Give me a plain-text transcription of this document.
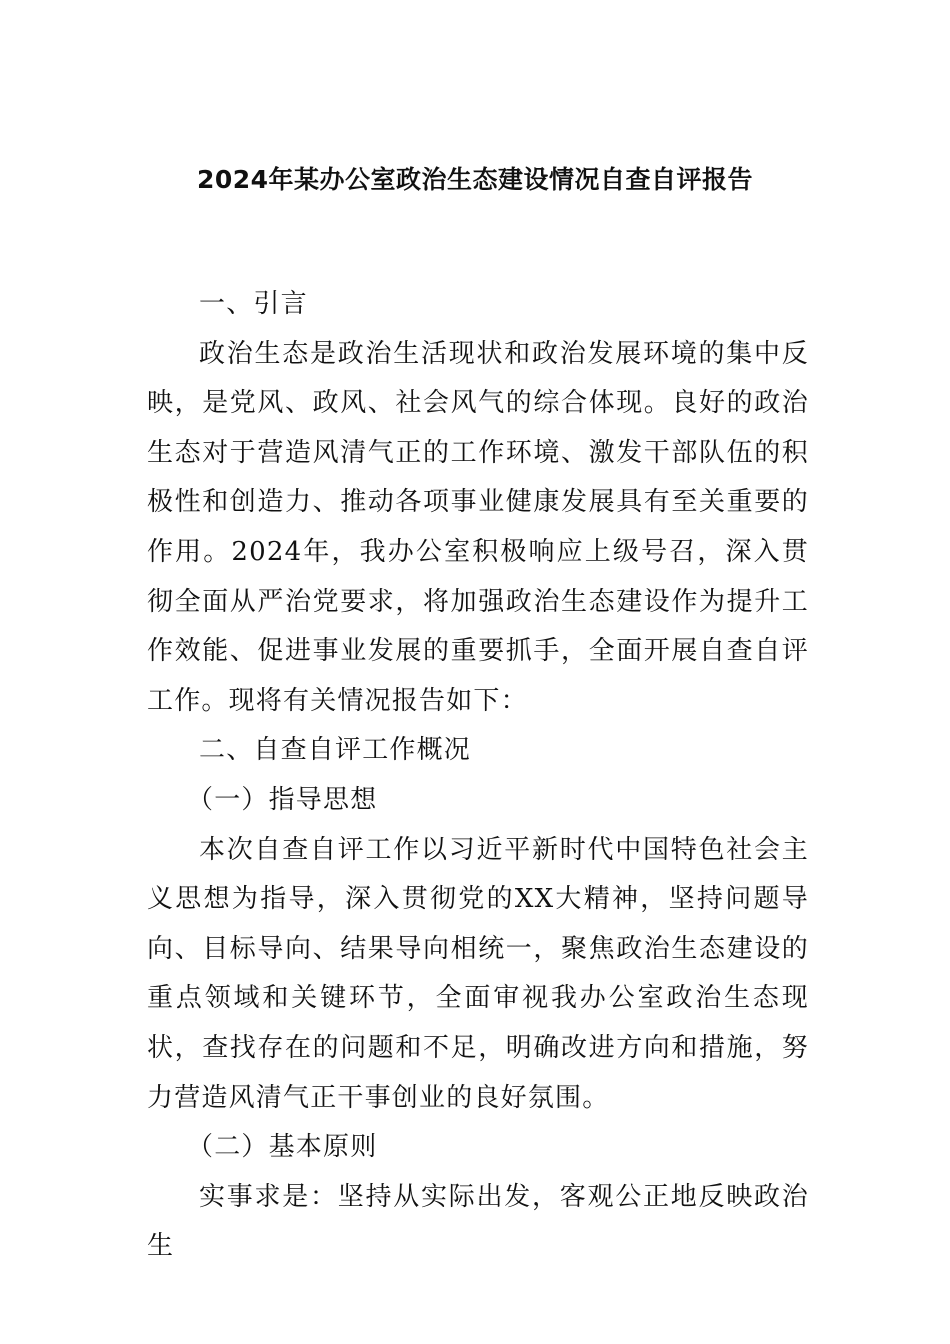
2024年某办公室政治生态建设情况自查自评报告

一、引言

政治生态是政治生活现状和政治发展环境的集中反映，是党风、政风、社会风气的综合体现。良好的政治生态对于营造风清气正的工作环境、激发干部队伍的积极性和创造力、推动各项事业健康发展具有至关重要的作用。2024年，我办公室积极响应上级号召，深入贯彻全面从严治党要求，将加强政治生态建设作为提升工作效能、促进事业发展的重要抓手，全面开展自查自评工作。现将有关情况报告如下：

二、自查自评工作概况

（一）指导思想

本次自查自评工作以习近平新时代中国特色社会主义思想为指导，深入贯彻党的XX大精神，坚持问题导向、目标导向、结果导向相统一，聚焦政治生态建设的重点领域和关键环节，全面审视我办公室政治生态现状，查找存在的问题和不足，明确改进方向和措施，努力营造风清气正干事创业的良好氛围。

（二）基本原则

实事求是：坚持从实际出发，客观公正地反映政治生
